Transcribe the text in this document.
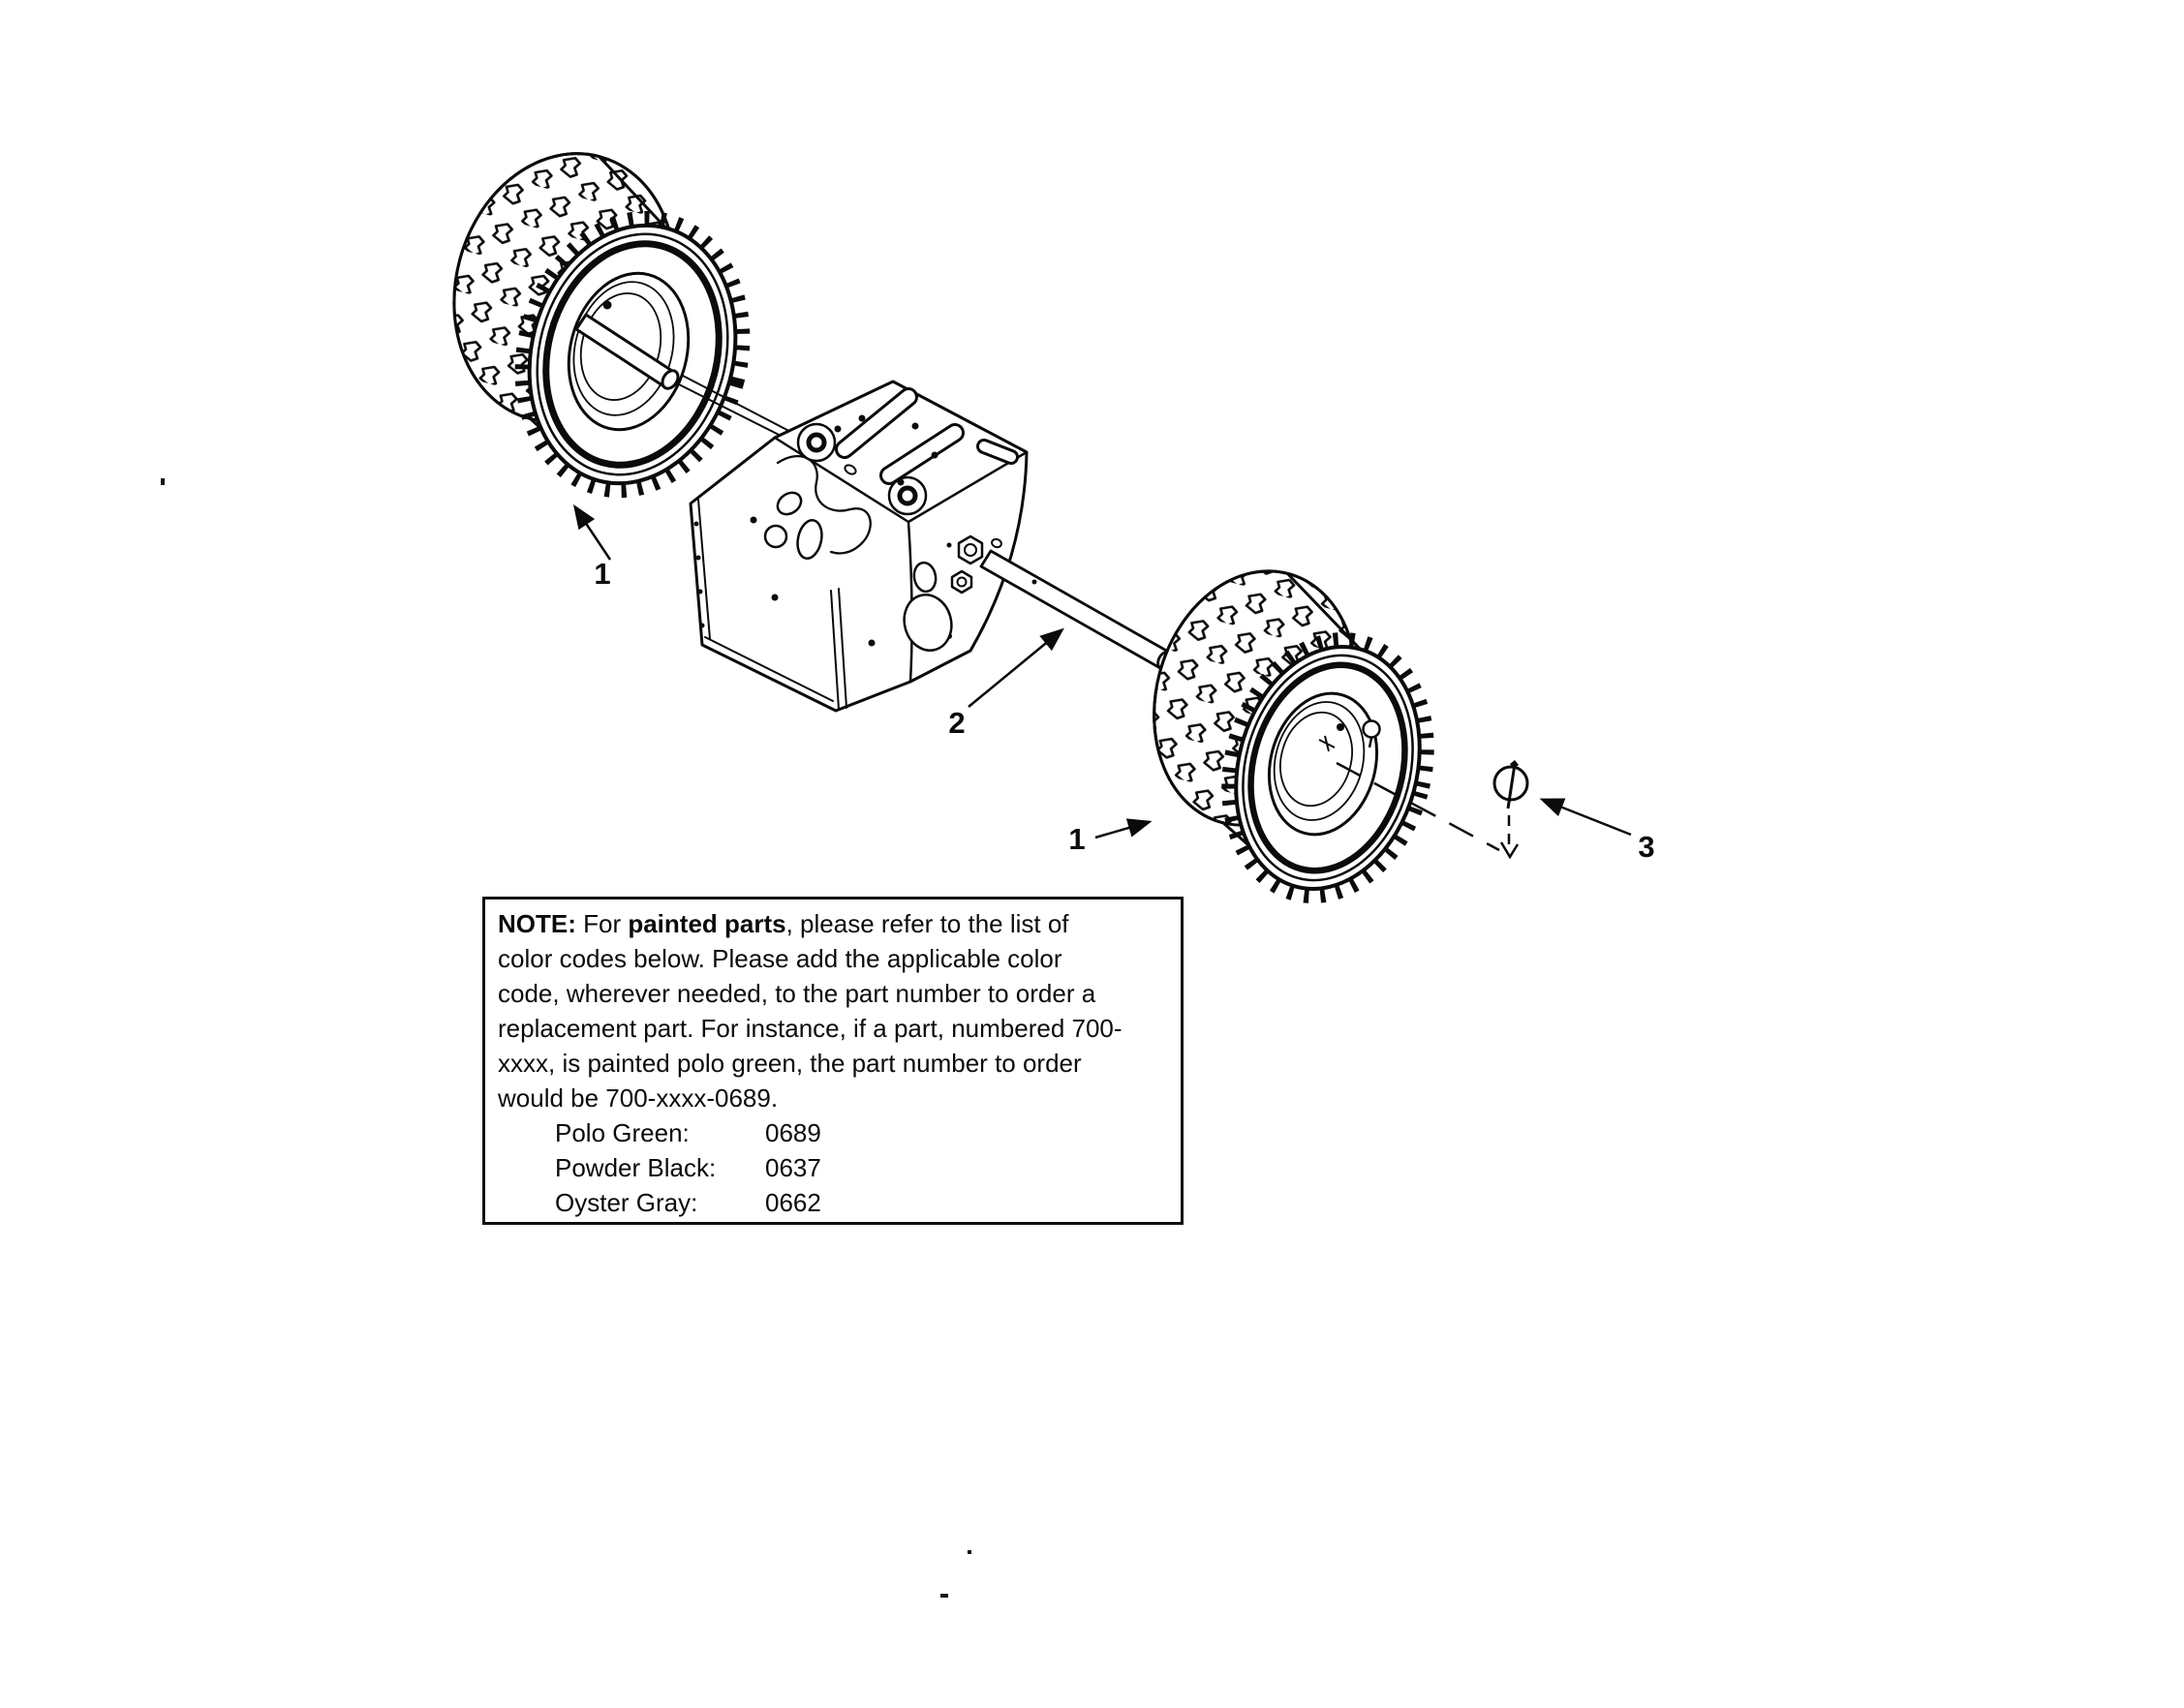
1
2
1	3
NOTE: For painted parts, please refer to the list of
color codes below. Please add the applicable color
code, wherever needed, to the part number to order a
replacement part. For instance, if a part, numbered 700-
xxxx, is painted polo green, the part number to order
would be 700-xxxx-0689.
Polo Green:	0689
Powder Black: 0637
Oyster Gray:	0662
